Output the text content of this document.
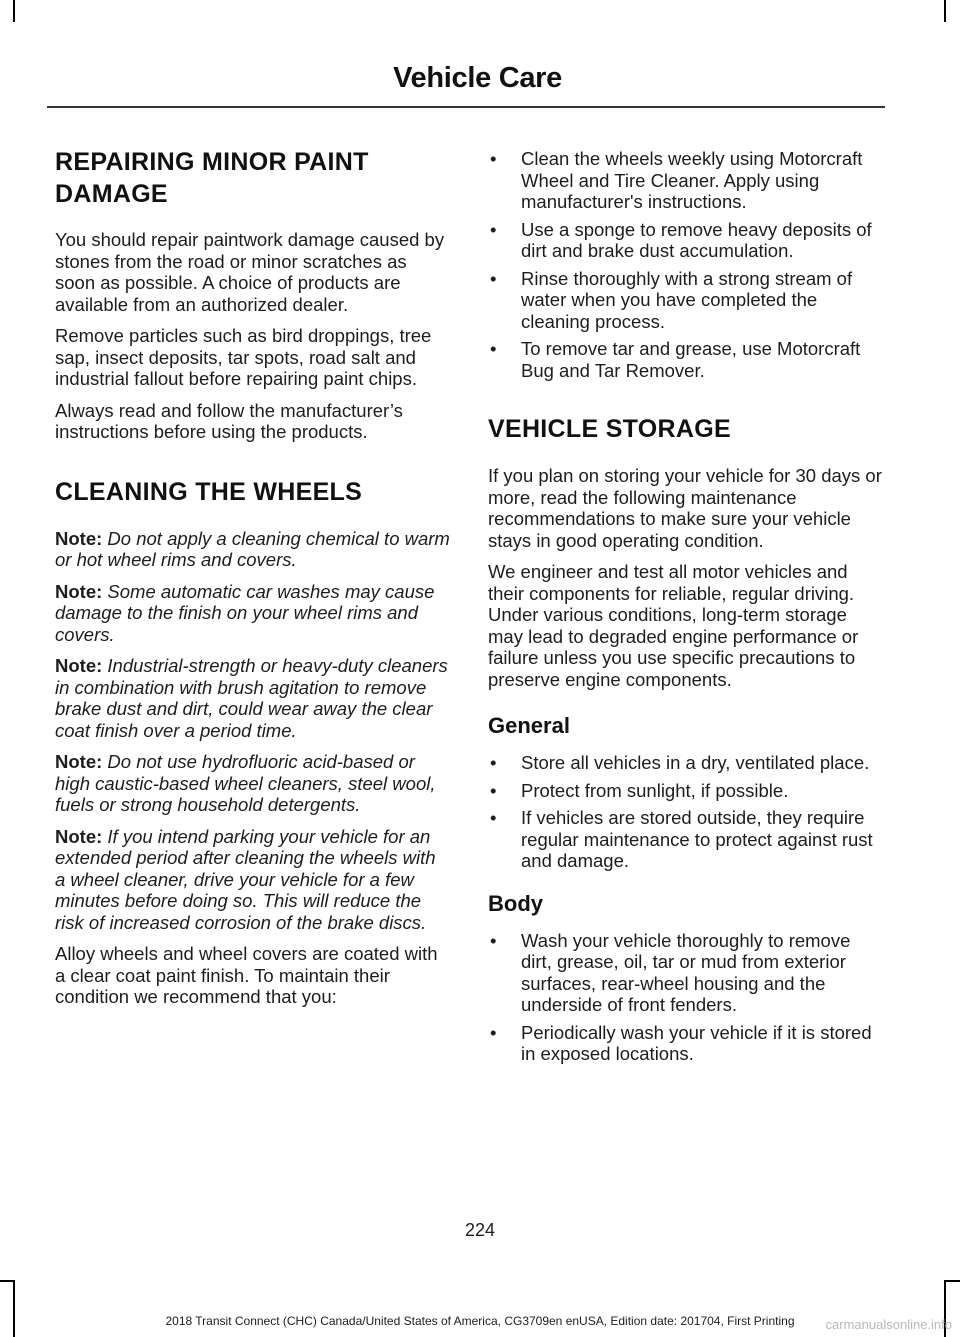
Vehicle Care
REPAIRING MINOR PAINT
DAMAGE

You should repair paintwork damage caused by stones from the road or minor scratches as soon as possible. A choice of products are available from an authorized dealer.

Remove particles such as bird droppings, tree sap, insect deposits, tar spots, road salt and industrial fallout before repairing paint chips.

Always read and follow the manufacturer’s instructions before using the products.

CLEANING THE WHEELS

Note: Do not apply a cleaning chemical to warm or hot wheel rims and covers.

Note: Some automatic car washes may cause damage to the finish on your wheel rims and covers.

Note: Industrial-strength or heavy-duty cleaners in combination with brush agitation to remove brake dust and dirt, could wear away the clear coat finish over a period time.

Note: Do not use hydrofluoric acid-based or high caustic-based wheel cleaners, steel wool, fuels or strong household detergents.

Note: If you intend parking your vehicle for an extended period after cleaning the wheels with a wheel cleaner, drive your vehicle for a few minutes before doing so. This will reduce the risk of increased corrosion of the brake discs.

Alloy wheels and wheel covers are coated with a clear coat paint finish. To maintain their condition we recommend that you:

• Clean the wheels weekly using Motorcraft Wheel and Tire Cleaner. Apply using manufacturer's instructions.
• Use a sponge to remove heavy deposits of dirt and brake dust accumulation.
• Rinse thoroughly with a strong stream of water when you have completed the cleaning process.
• To remove tar and grease, use Motorcraft Bug and Tar Remover.
VEHICLE STORAGE

If you plan on storing your vehicle for 30 days or more, read the following maintenance recommendations to make sure your vehicle stays in good operating condition.

We engineer and test all motor vehicles and their components for reliable, regular driving. Under various conditions, long-term storage may lead to degraded engine performance or failure unless you use specific precautions to preserve engine components.

General
• Store all vehicles in a dry, ventilated place.
• Protect from sunlight, if possible.
• If vehicles are stored outside, they require regular maintenance to protect against rust and damage.
Body
• Wash your vehicle thoroughly to remove dirt, grease, oil, tar or mud from exterior surfaces, rear-wheel housing and the underside of front fenders.
• Periodically wash your vehicle if it is stored in exposed locations.
224
2018 Transit Connect (CHC) Canada/United States of America, CG3709en enUSA, Edition date: 201704, First Printing	carmanualsonline.info
